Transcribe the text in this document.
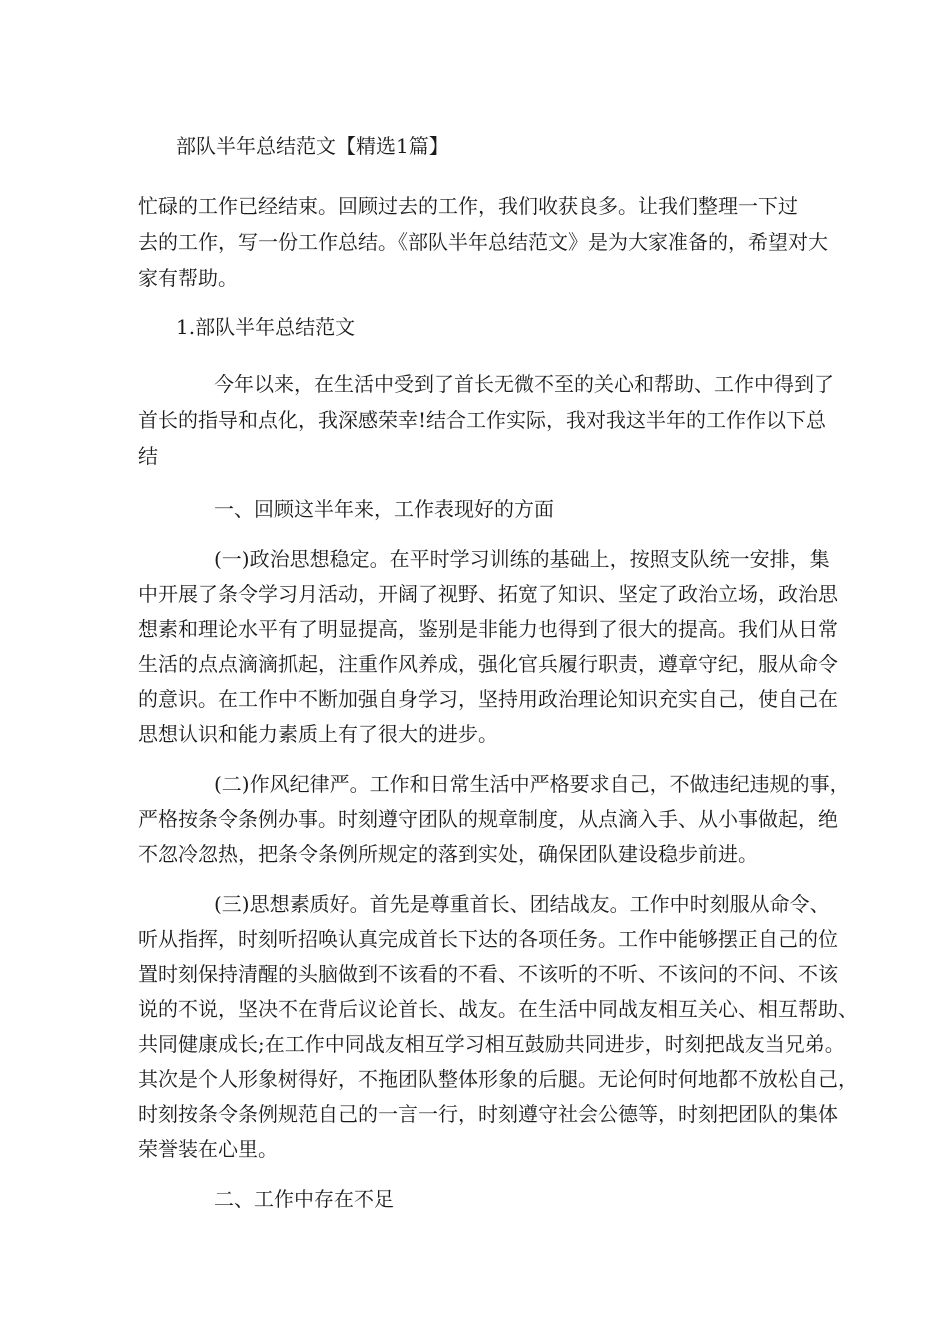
部队半年总结范文【精选1篇】

忙碌的工作已经结束。回顾过去的工作，我们收获良多。让我们整理一下过

去的工作，写一份工作总结。《部队半年总结范文》是为大家准备的，希望对大

家有帮助。

1.部队半年总结范文

今年以来，在生活中受到了首长无微不至的关心和帮助、工作中得到了

首长的指导和点化，我深感荣幸!结合工作实际，我对我这半年的工作作以下总

结

一、回顾这半年来，工作表现好的方面

(一)政治思想稳定。在平时学习训练的基础上，按照支队统一安排，集

中开展了条令学习月活动，开阔了视野、拓宽了知识、坚定了政治立场，政治思

想素和理论水平有了明显提高，鉴别是非能力也得到了很大的提高。我们从日常

生活的点点滴滴抓起，注重作风养成，强化官兵履行职责，遵章守纪，服从命令

的意识。在工作中不断加强自身学习，坚持用政治理论知识充实自己，使自己在

思想认识和能力素质上有了很大的进步。

(二)作风纪律严。工作和日常生活中严格要求自己，不做违纪违规的事，

严格按条令条例办事。时刻遵守团队的规章制度，从点滴入手、从小事做起，绝

不忽冷忽热，把条令条例所规定的落到实处，确保团队建设稳步前进。

(三)思想素质好。首先是尊重首长、团结战友。工作中时刻服从命令、

听从指挥，时刻听招唤认真完成首长下达的各项任务。工作中能够摆正自己的位

置时刻保持清醒的头脑做到不该看的不看、不该听的不听、不该问的不问、不该

说的不说，坚决不在背后议论首长、战友。在生活中同战友相互关心、相互帮助、

共同健康成长;在工作中同战友相互学习相互鼓励共同进步，时刻把战友当兄弟。

其次是个人形象树得好，不拖团队整体形象的后腿。无论何时何地都不放松自己，

时刻按条令条例规范自己的一言一行，时刻遵守社会公德等，时刻把团队的集体

荣誉装在心里。

二、工作中存在不足
